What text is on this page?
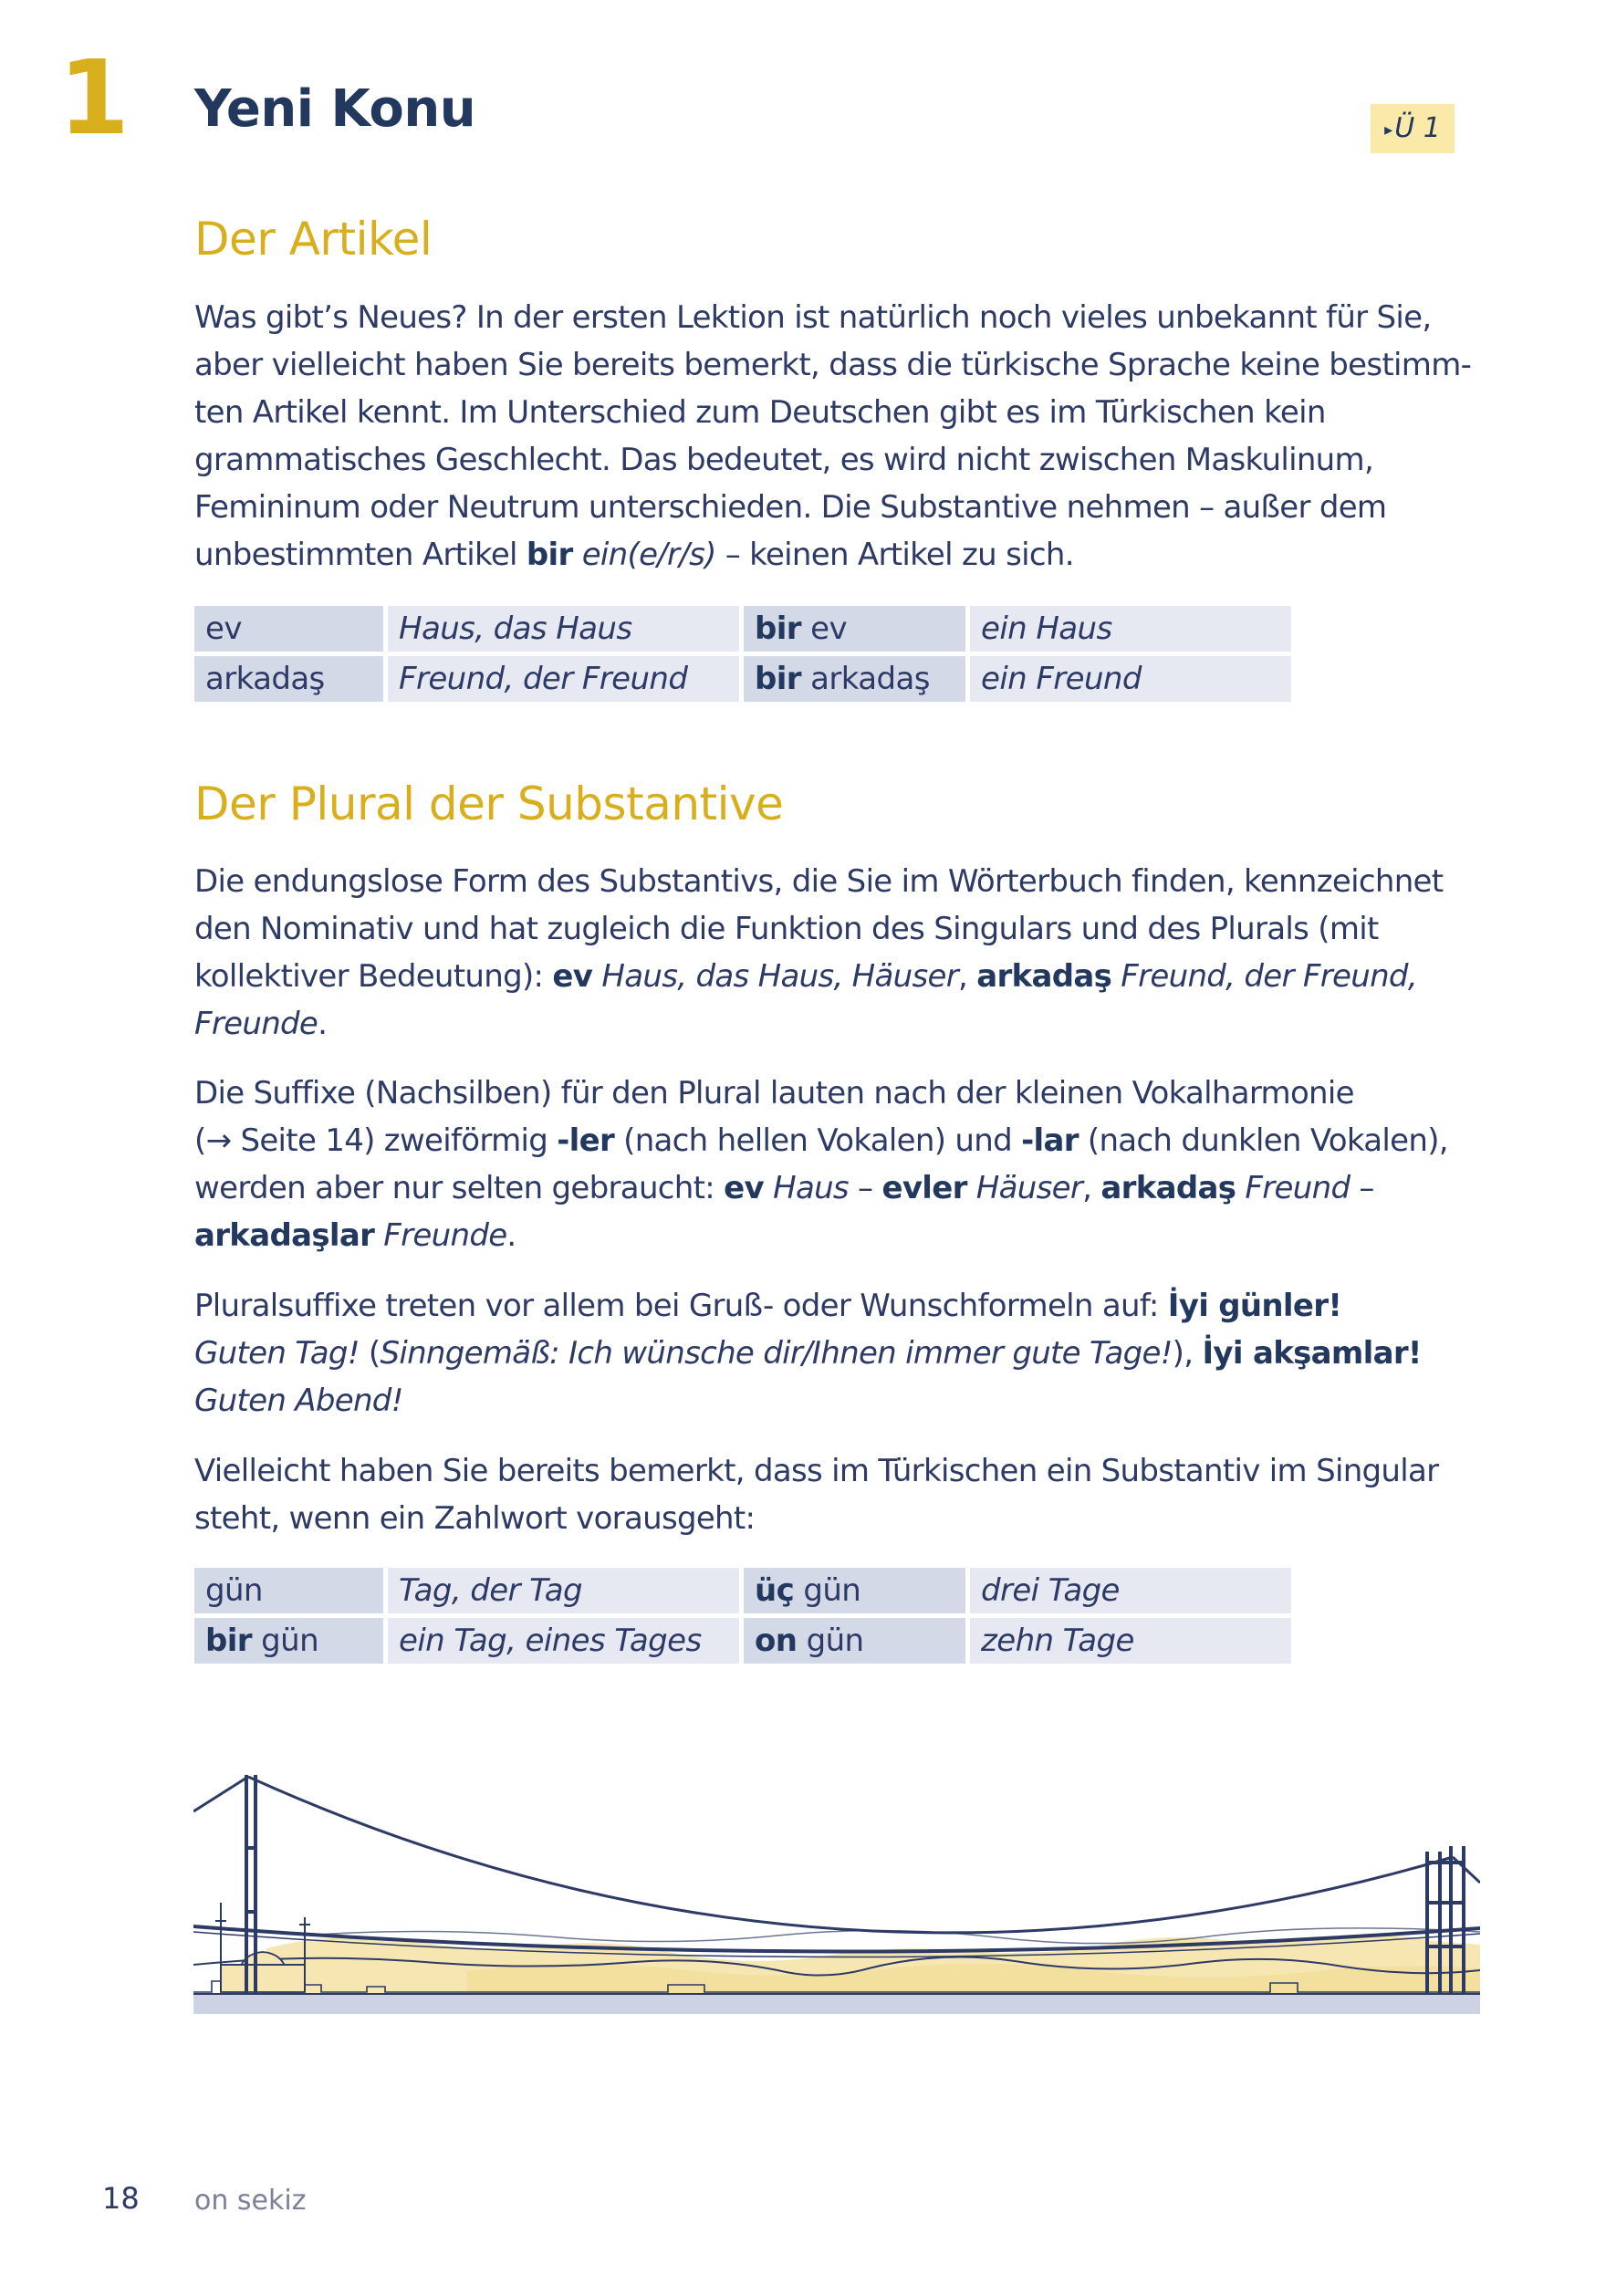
1 Yeni Konu	▸Ü 1
Der Artikel
Was gibt’s Neues? In der ersten Lektion ist natürlich noch vieles unbekannt für Sie,
aber vielleicht haben Sie bereits bemerkt, dass die türkische Sprache keine bestimm-
ten Artikel kennt. Im Unterschied zum Deutschen gibt es im Türkischen kein
grammatisches Geschlecht. Das bedeutet, es wird nicht zwischen Maskulinum,
Femininum oder Neutrum unterschieden. Die Substantive nehmen – außer dem
unbestimmten Artikel bir ein(e/r/s) – keinen Artikel zu sich.
ev	Haus, das Haus	bir ev	ein Haus
arkadaş	Freund, der Freund	bir arkadaş	ein Freund
Der Plural der Substantive
Die endungslose Form des Substantivs, die Sie im Wörterbuch finden, kennzeichnet
den Nominativ und hat zugleich die Funktion des Singulars und des Plurals (mit
kollektiver Bedeutung): ev Haus, das Haus, Häuser, arkadaş Freund, der Freund,
Freunde.
Die Suffixe (Nachsilben) für den Plural lauten nach der kleinen Vokalharmonie
(→ Seite 14) zweiförmig -ler (nach hellen Vokalen) und -lar (nach dunklen Vokalen),
werden aber nur selten gebraucht: ev Haus – evler Häuser, arkadaş Freund –
arkadaşlar Freunde.
Pluralsuffixe treten vor allem bei Gruß- oder Wunschformeln auf: İyi günler!
Guten Tag! (Sinngemäß: Ich wünsche dir/Ihnen immer gute Tage!), İyi akşamlar!
Guten Abend!
Vielleicht haben Sie bereits bemerkt, dass im Türkischen ein Substantiv im Singular
steht, wenn ein Zahlwort vorausgeht:
gün	Tag, der Tag	üç gün	drei Tage
bir gün	ein Tag, eines Tages	on gün	zehn Tage
18 on sekiz
